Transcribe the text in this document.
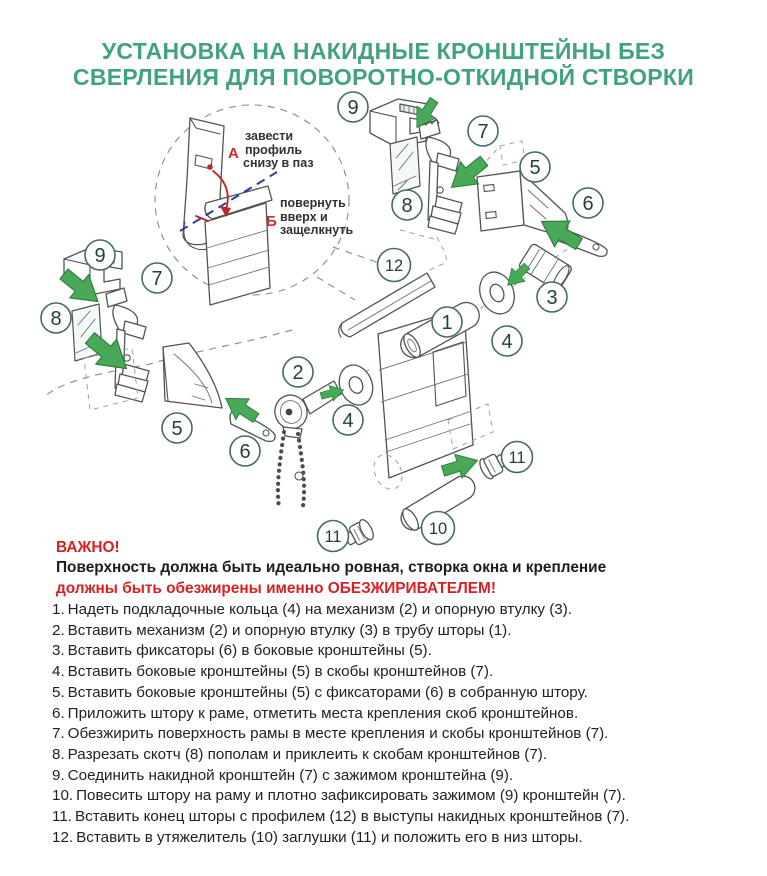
УСТАНОВКА НА НАКИДНЫЕ КРОНШТЕЙНЫ БЕЗ
СВЕРЛЕНИЯ ДЛЯ ПОВОРОТНО-ОТКИДНОЙ СТВОРКИ
А
завести
профиль
снизу в паз
Б
повернуть
вверх и
защелкнуть
9
7
8
5
6
2
4
9
7
8
5
6
3
4
12
1
11
10
11
ВАЖНО!
Поверхность должна быть идеально ровная, створка окна и крепление
должны быть обезжирены именно ОБЕЗЖИРИВАТЕЛЕМ!
1. Надеть подкладочные кольца (4) на механизм (2) и опорную втулку (3).
2. Вставить механизм (2) и опорную втулку (3) в трубу шторы (1).
3. Вставить фиксаторы (6) в боковые кронштейны (5).
4. Вставить боковые кронштейны (5) в скобы кронштейнов (7).
5. Вставить боковые кронштейны (5) с фиксаторами (6) в собранную штору.
6. Приложить штору к раме, отметить места крепления скоб кронштейнов.
7. Обезжирить поверхность рамы в месте крепления и скобы кронштейнов (7).
8. Разрезать скотч (8) пополам и приклеить к скобам кронштейнов (7).
9. Соединить накидной кронштейн (7) с зажимом кронштейна (9).
10. Повесить штору на раму и плотно зафиксировать зажимом (9) кронштейн (7).
11. Вставить конец шторы с профилем (12) в выступы накидных кронштейнов (7).
12. Вставить в утяжелитель (10) заглушки (11) и положить его в низ шторы.
